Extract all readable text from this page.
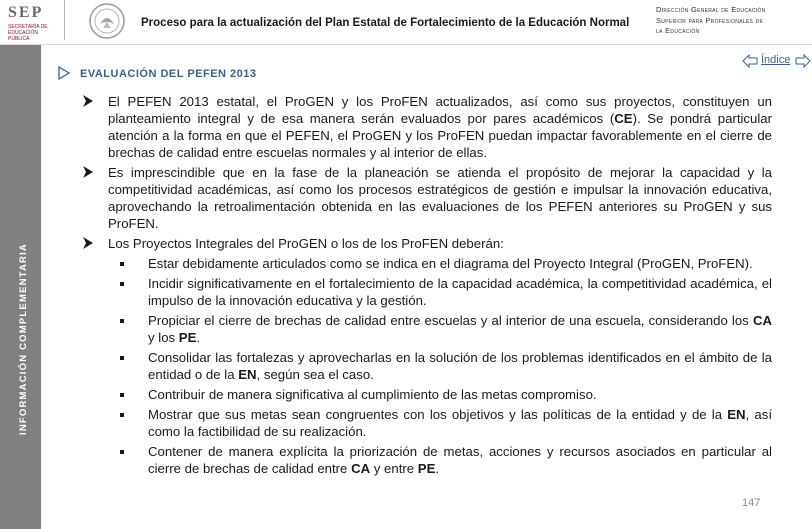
SEP
SECRETARÍA DE EDUCACIÓN PÚBLICA
Proceso para la actualización del Plan Estatal de Fortalecimiento de la Educación Normal
Dirección General de Educación
Superior para Profesionales de
la Educación
INFORMACIÓN COMPLEMENTARIA
EVALUACIÓN DEL PEFEN 2013
Índice
El PEFEN 2013 estatal, el ProGEN y los ProFEN actualizados, así como sus proyectos, constituyen un planteamiento integral y de esa manera serán evaluados por pares académicos (CE). Se pondrá particular atención a la forma en que el PEFEN, el ProGEN y los ProFEN puedan impactar favorablemente en el cierre de brechas de calidad entre escuelas normales y al interior de ellas.
Es imprescindible que en la fase de la planeación se atienda el propósito de mejorar la capacidad y la competitividad académicas, así como los procesos estratégicos de gestión e impulsar la innovación educativa, aprovechando la retroalimentación obtenida en las evaluaciones de los PEFEN anteriores su ProGEN y sus ProFEN.
Los Proyectos Integrales del ProGEN o los de los ProFEN deberán:
Estar debidamente articulados como se indica en el diagrama del Proyecto Integral (ProGEN, ProFEN).
Incidir significativamente en el fortalecimiento de la capacidad académica, la competitividad académica, el impulso de la innovación educativa y la gestión.
Propiciar el cierre de brechas de calidad entre escuelas y al interior de una escuela, considerando los CA y los PE.
Consolidar las fortalezas y aprovecharlas en la solución de los problemas identificados en el ámbito de la entidad o de la EN, según sea el caso.
Contribuir de manera significativa al cumplimiento de las metas compromiso.
Mostrar que sus metas sean congruentes con los objetivos y las políticas de la entidad y de la EN, así como la factibilidad de su realización.
Contener de manera explícita la priorización de metas, acciones y recursos asociados en particular al cierre de brechas de calidad entre CA y entre PE.
147
